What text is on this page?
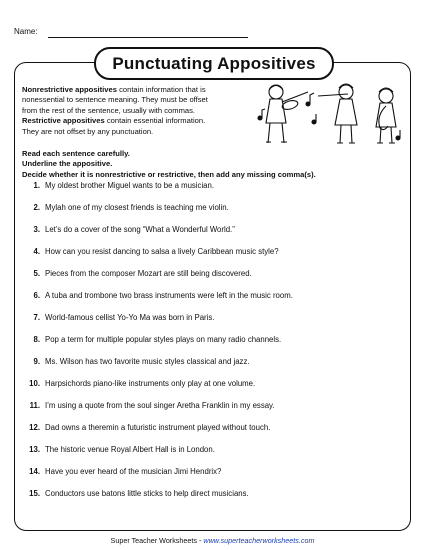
Name:
Punctuating Appositives
Nonrestrictive appositives contain information that is
nonessential to sentence meaning. They must be offset
from the rest of the sentence, usually with commas.
Restrictive appositives contain essential information.
They are not offset by any punctuation.
Read each sentence carefully.
Underline the appositive.
Decide whether it is nonrestrictive or restrictive, then add any missing comma(s).
1. My oldest brother Miguel wants to be a musician.
2. Mylah one of my closest friends is teaching me violin.
3. Let’s do a cover of the song “What a Wonderful World.”
4. How can you resist dancing to salsa a lively Caribbean music style?
5. Pieces from the composer Mozart are still being discovered.
6. A tuba and trombone two brass instruments were left in the music room.
7. World-famous cellist Yo-Yo Ma was born in Paris.
8. Pop a term for multiple popular styles plays on many radio channels.
9. Ms. Wilson has two favorite music styles classical and jazz.
10. Harpsichords piano-like instruments only play at one volume.
11. I’m using a quote from the soul singer Aretha Franklin in my essay.
12. Dad owns a theremin a futuristic instrument played without touch.
13. The historic venue Royal Albert Hall is in London.
14. Have you ever heard of the musician Jimi Hendrix?
15. Conductors use batons little sticks to help direct musicians.
Super Teacher Worksheets - www.superteacherworksheets.com
